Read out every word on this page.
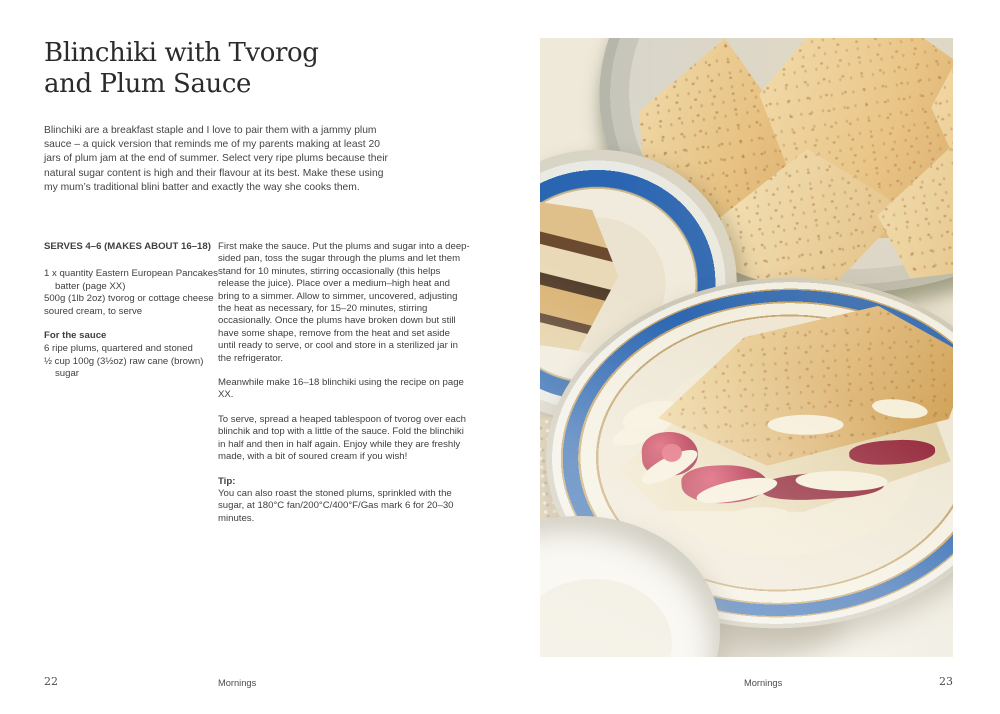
Blinchiki with Tvorog
and Plum Sauce

Blinchiki are a breakfast staple and I love to pair them with a jammy plum sauce – a quick version that reminds me of my parents making at least 20 jars of plum jam at the end of summer. Select very ripe plums because their natural sugar content is high and their flavour at its best. Make these using my mum’s traditional blini batter and exactly the way she cooks them.

SERVES 4–6 (MAKES ABOUT 16–18)
1 x quantity Eastern European Pancakes
batter (page XX)
500g (1lb 2oz) tvorog or cottage cheese
soured cream, to serve
For the sauce
6 ripe plums, quartered and stoned
½ cup 100g (3½oz) raw cane (brown)
sugar

First make the sauce. Put the plums and sugar into a deep-sided pan, toss the sugar through the plums and let them stand for 10 minutes, stirring occasionally (this helps release the juice). Place over a medium–high heat and bring to a simmer. Allow to simmer, uncovered, adjusting the heat as necessary, for 15–20 minutes, stirring occasionally. Once the plums have broken down but still have some shape, remove from the heat and set aside until ready to serve, or cool and store in a sterilized jar in the refrigerator.

Meanwhile make 16–18 blinchiki using the recipe on page XX.

To serve, spread a heaped tablespoon of tvorog over each blinchik and top with a little of the sauce. Fold the blinchiki in half and then in half again. Enjoy while they are freshly made, with a bit of soured cream if you wish!

Tip:

You can also roast the stoned plums, sprinkled with the sugar, at 180°C fan/200°C/400°F/Gas mark 6 for 20–30 minutes.

22	Mornings	Mornings	23
